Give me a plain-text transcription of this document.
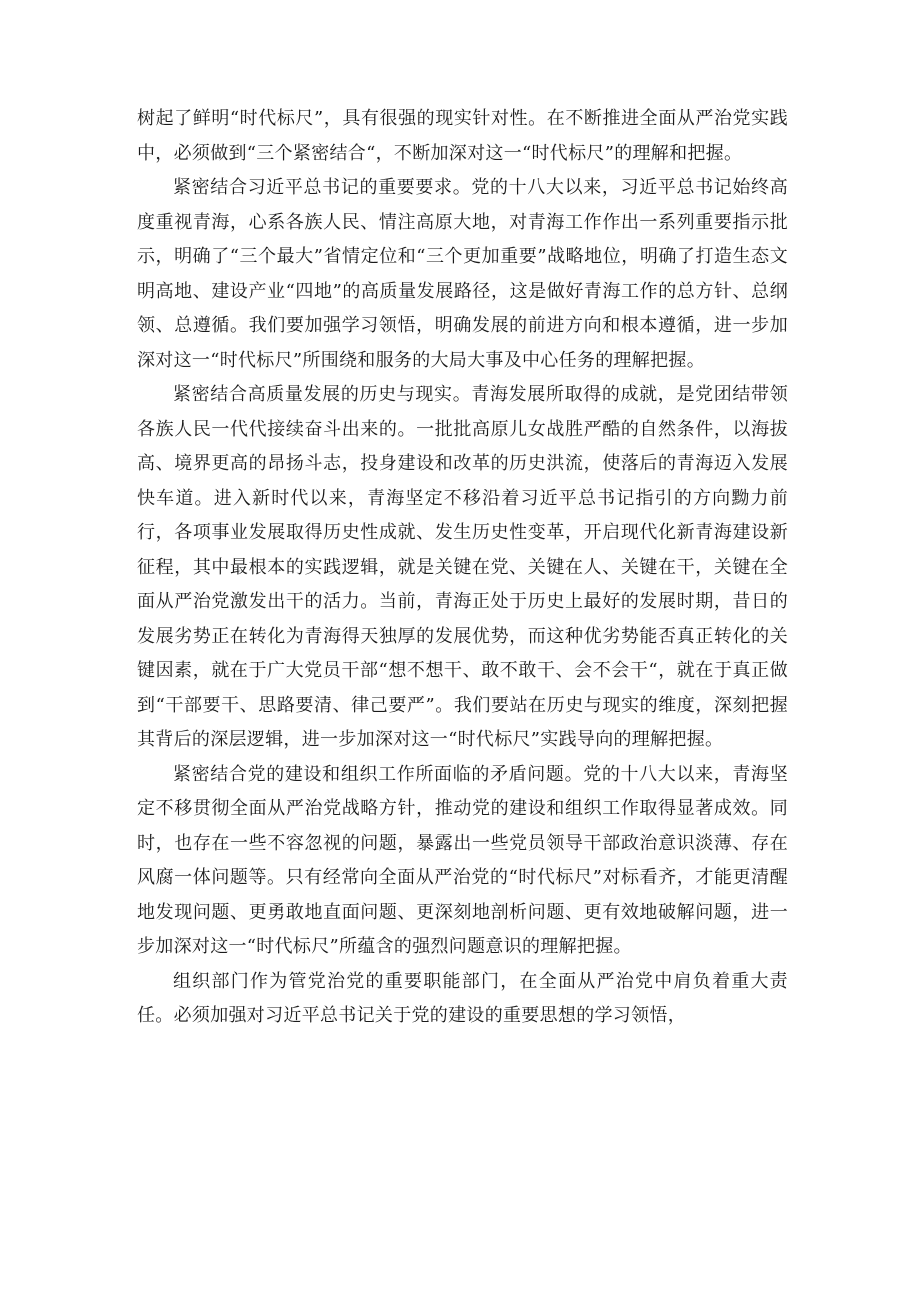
树起了鲜明“时代标尺”，具有很强的现实针对性。在不断推进全面从严治党实践中，必须做到“三个紧密结合“，不断加深对这一“时代标尺”的理解和把握。

紧密结合习近平总书记的重要要求。党的十八大以来，习近平总书记始终高度重视青海，心系各族人民、情注高原大地，对青海工作作出一系列重要指示批示，明确了“三个最大”省情定位和“三个更加重要”战略地位，明确了打造生态文明高地、建设产业“四地”的高质量发展路径，这是做好青海工作的总方针、总纲领、总遵循。我们要加强学习领悟，明确发展的前进方向和根本遵循，进一步加深对这一“时代标尺”所围绕和服务的大局大事及中心任务的理解把握。

紧密结合高质量发展的历史与现实。青海发展所取得的成就，是党团结带领各族人民一代代接续奋斗出来的。一批批高原儿女战胜严酷的自然条件，以海拔高、境界更高的昂扬斗志，投身建设和改革的历史洪流，使落后的青海迈入发展快车道。进入新时代以来，青海坚定不移沿着习近平总书记指引的方向黝力前行，各项事业发展取得历史性成就、发生历史性变革，开启现代化新青海建设新征程，其中最根本的实践逻辑，就是关键在党、关键在人、关键在干，关键在全面从严治党激发出干的活力。当前，青海正处于历史上最好的发展时期，昔日的发展劣势正在转化为青海得天独厚的发展优势，而这种优劣势能否真正转化的关键因素，就在于广大党员干部“想不想干、敢不敢干、会不会干“，就在于真正做到“干部要干、思路要清、律己要严”。我们要站在历史与现实的维度，深刻把握其背后的深层逻辑，进一步加深对这一“时代标尺”实践导向的理解把握。

紧密结合党的建设和组织工作所面临的矛盾问题。党的十八大以来，青海坚定不移贯彻全面从严治党战略方针，推动党的建设和组织工作取得显著成效。同时，也存在一些不容忽视的问题，暴露出一些党员领导干部政治意识淡薄、存在风腐一体问题等。只有经常向全面从严治党的“时代标尺”对标看齐，才能更清醒地发现问题、更勇敢地直面问题、更深刻地剖析问题、更有效地破解问题，进一步加深对这一“时代标尺”所蕴含的强烈问题意识的理解把握。

组织部门作为管党治党的重要职能部门，在全面从严治党中肩负着重大责任。必须加强对习近平总书记关于党的建设的重要思想的学习领悟，
